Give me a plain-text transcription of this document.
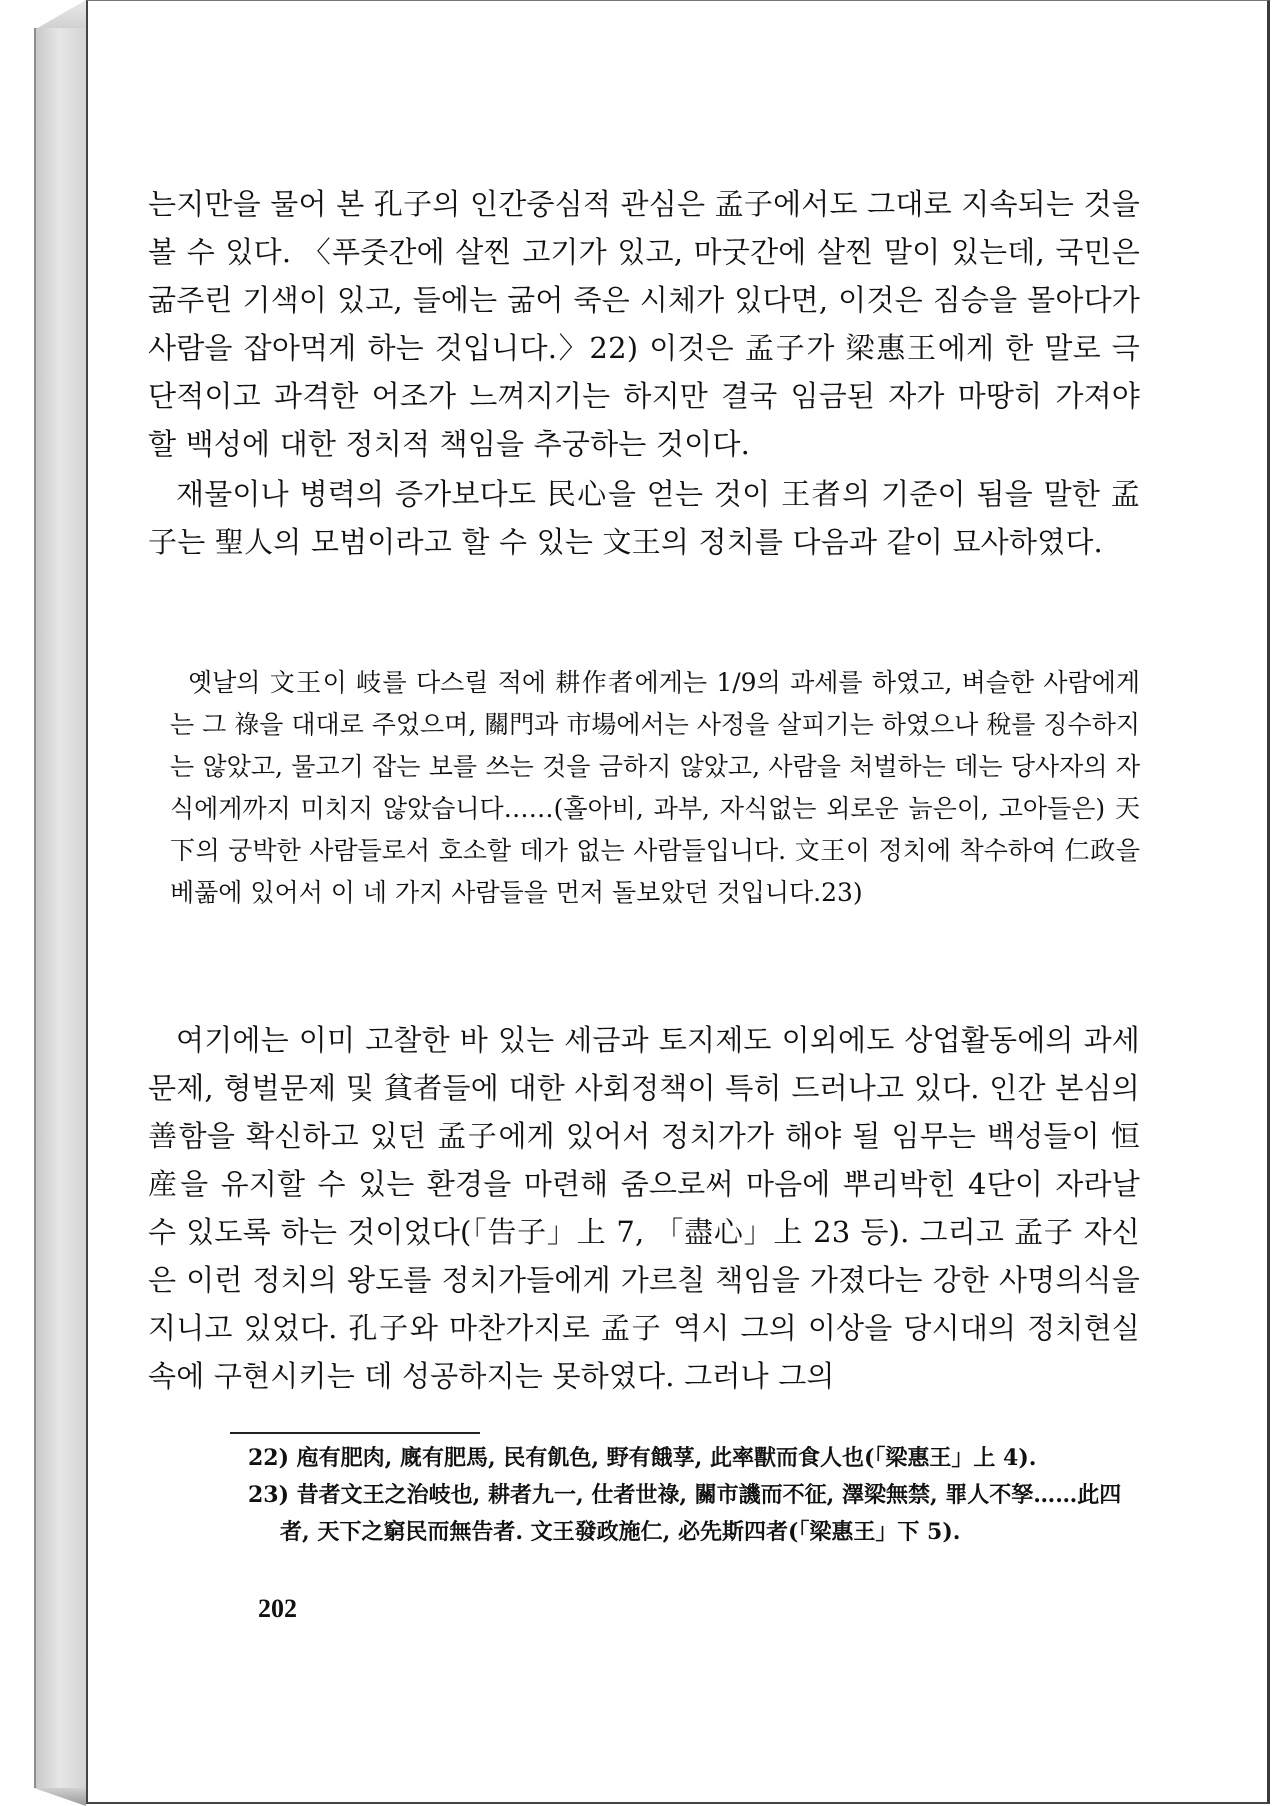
는지만을 물어 본 孔子의 인간중심적 관심은 孟子에서도 그대로 지속되는 것을 볼 수 있다. 〈푸줏간에 살찐 고기가 있고, 마굿간에 살찐 말이 있는데, 국민은 굶주린 기색이 있고, 들에는 굶어 죽은 시체가 있다면, 이것은 짐승을 몰아다가 사람을 잡아먹게 하는 것입니다.〉22) 이것은 孟子가 梁惠王에게 한 말로 극단적이고 과격한 어조가 느껴지기는 하지만 결국 임금된 자가 마땅히 가져야 할 백성에 대한 정치적 책임을 추궁하는 것이다.

재물이나 병력의 증가보다도 民心을 얻는 것이 王者의 기준이 됨을 말한 孟子는 聖人의 모범이라고 할 수 있는 文王의 정치를 다음과 같이 묘사하였다.

옛날의 文王이 岐를 다스릴 적에 耕作者에게는 1/9의 과세를 하였고, 벼슬한 사람에게는 그 祿을 대대로 주었으며, 關門과 市場에서는 사정을 살피기는 하였으나 稅를 징수하지는 않았고, 물고기 잡는 보를 쓰는 것을 금하지 않았고, 사람을 처벌하는 데는 당사자의 자식에게까지 미치지 않았습니다……(홀아비, 과부, 자식없는 외로운 늙은이, 고아들은) 天下의 궁박한 사람들로서 호소할 데가 없는 사람들입니다. 文王이 정치에 착수하여 仁政을 베풂에 있어서 이 네 가지 사람들을 먼저 돌보았던 것입니다.23)

여기에는 이미 고찰한 바 있는 세금과 토지제도 이외에도 상업활동에의 과세문제, 형벌문제 및 貧者들에 대한 사회정책이 특히 드러나고 있다. 인간 본심의 善함을 확신하고 있던 孟子에게 있어서 정치가가 해야 될 임무는 백성들이 恒産을 유지할 수 있는 환경을 마련해 줌으로써 마음에 뿌리박힌 4단이 자라날 수 있도록 하는 것이었다(「告子」上 7, 「盡心」上 23 등). 그리고 孟子 자신은 이런 정치의 왕도를 정치가들에게 가르칠 책임을 가졌다는 강한 사명의식을 지니고 있었다. 孔子와 마찬가지로 孟子 역시 그의 이상을 당시대의 정치현실 속에 구현시키는 데 성공하지는 못하였다. 그러나 그의

22) 庖有肥肉, 廐有肥馬, 民有飢色, 野有餓莩, 此率獸而食人也(「梁惠王」上 4).

23) 昔者文王之治岐也, 耕者九一, 仕者世祿, 關市譏而不征, 澤梁無禁, 罪人不孥……此四者, 天下之窮民而無告者. 文王發政施仁, 必先斯四者(「梁惠王」下 5).

202
